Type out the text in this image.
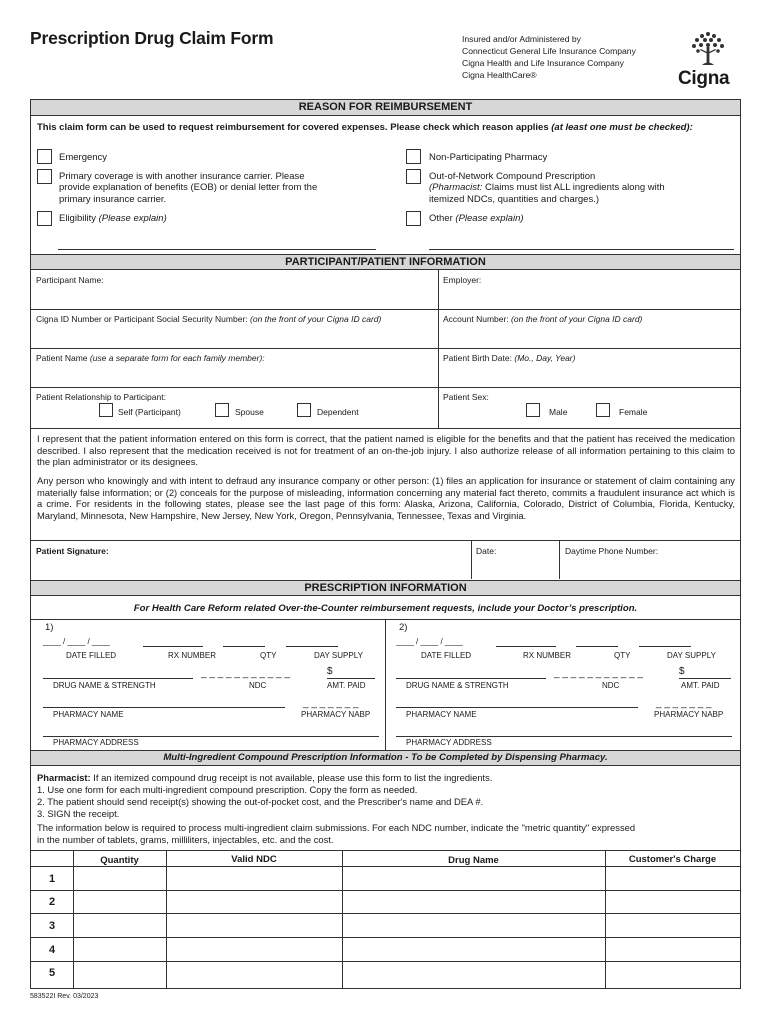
Prescription Drug Claim Form	Insured and/or Administered by
Connecticut General Life Insurance Company
Cigna Health and Life Insurance Company
Cigna HealthCare®	Cigna
REASON FOR REIMBURSEMENT
This claim form can be used to request reimbursement for covered expenses. Please check which reason applies (at least one must be checked):
Emergency
Primary coverage is with another insurance carrier. Please
provide explanation of benefits (EOB) or denial letter from the
primary insurance carrier.
Eligibility (Please explain)
Non-Participating Pharmacy
Out-of-Network Compound Prescription
(Pharmacist: Claims must list ALL ingredients along with
itemized NDCs, quantities and charges.)
Other (Please explain)
PARTICIPANT/PATIENT INFORMATION
Participant Name:	Employer:
Cigna ID Number or Participant Social Security Number: (on the front of your Cigna ID card)	Account Number: (on the front of your Cigna ID card)
Patient Name (use a separate form for each family member):	Patient Birth Date: (Mo., Day, Year)
Patient Relationship to Participant:
Self (Participant)	Spouse	Dependent
Patient Sex:
Male	Female
I represent that the patient information entered on this form is correct, that the patient named is eligible for the benefits and that the patient has received the medication described. I also represent that the medication received is not for treatment of an on-the-job injury. I also authorize release of all information pertaining to this claim to the plan administrator or its designees.
Any person who knowingly and with intent to defraud any insurance company or other person: (1) files an application for insurance or statement of claim containing any materially false information; or (2) conceals for the purpose of misleading, information concerning any material fact thereto, commits a fraudulent insurance act which is a crime. For residents in the following states, please see the last page of this form: Alaska, Arizona, California, Colorado, District of Columbia, Florida, Kentucky, Maryland, Minnesota, New Hampshire, New Jersey, New York, Oregon, Pennsylvania, Tennessee, Texas and Virginia.
Patient Signature:	Date:	Daytime Phone Number:
PRESCRIPTION INFORMATION
For Health Care Reform related Over-the-Counter reimbursement requests, include your Doctor’s prescription.
1)
____ / ____ / ____
DATE FILLED	RX NUMBER	QTY	DAY SUPPLY
_ _ _ _ _ _ _ _ _ _ _	$
DRUG NAME & STRENGTH	NDC	AMT. PAID
_ _ _ _ _ _ _
PHARMACY NAME	PHARMACY NABP
PHARMACY ADDRESS
2)
____ / ____ / ____
DATE FILLED	RX NUMBER	QTY	DAY SUPPLY
_ _ _ _ _ _ _ _ _ _ _	$
DRUG NAME & STRENGTH	NDC	AMT. PAID
_ _ _ _ _ _ _
PHARMACY NAME	PHARMACY NABP
PHARMACY ADDRESS
Multi-Ingredient Compound Prescription Information - To be Completed by Dispensing Pharmacy.
Pharmacist: If an itemized compound drug receipt is not available, please use this form to list the ingredients.
1. Use one form for each multi-ingredient compound prescription. Copy the form as needed.
2. The patient should send receipt(s) showing the out-of-pocket cost, and the Prescriber's name and DEA #.
3. SIGN the receipt.
The information below is required to process multi-ingredient claim submissions. For each NDC number, indicate the "metric quantity" expressed
in the number of tablets, grams, milliliters, injectables, etc. and the cost.
Quantity	Valid NDC	Drug Name	Customer's Charge
1
2
3
4
5
583522I Rev. 03/2023
